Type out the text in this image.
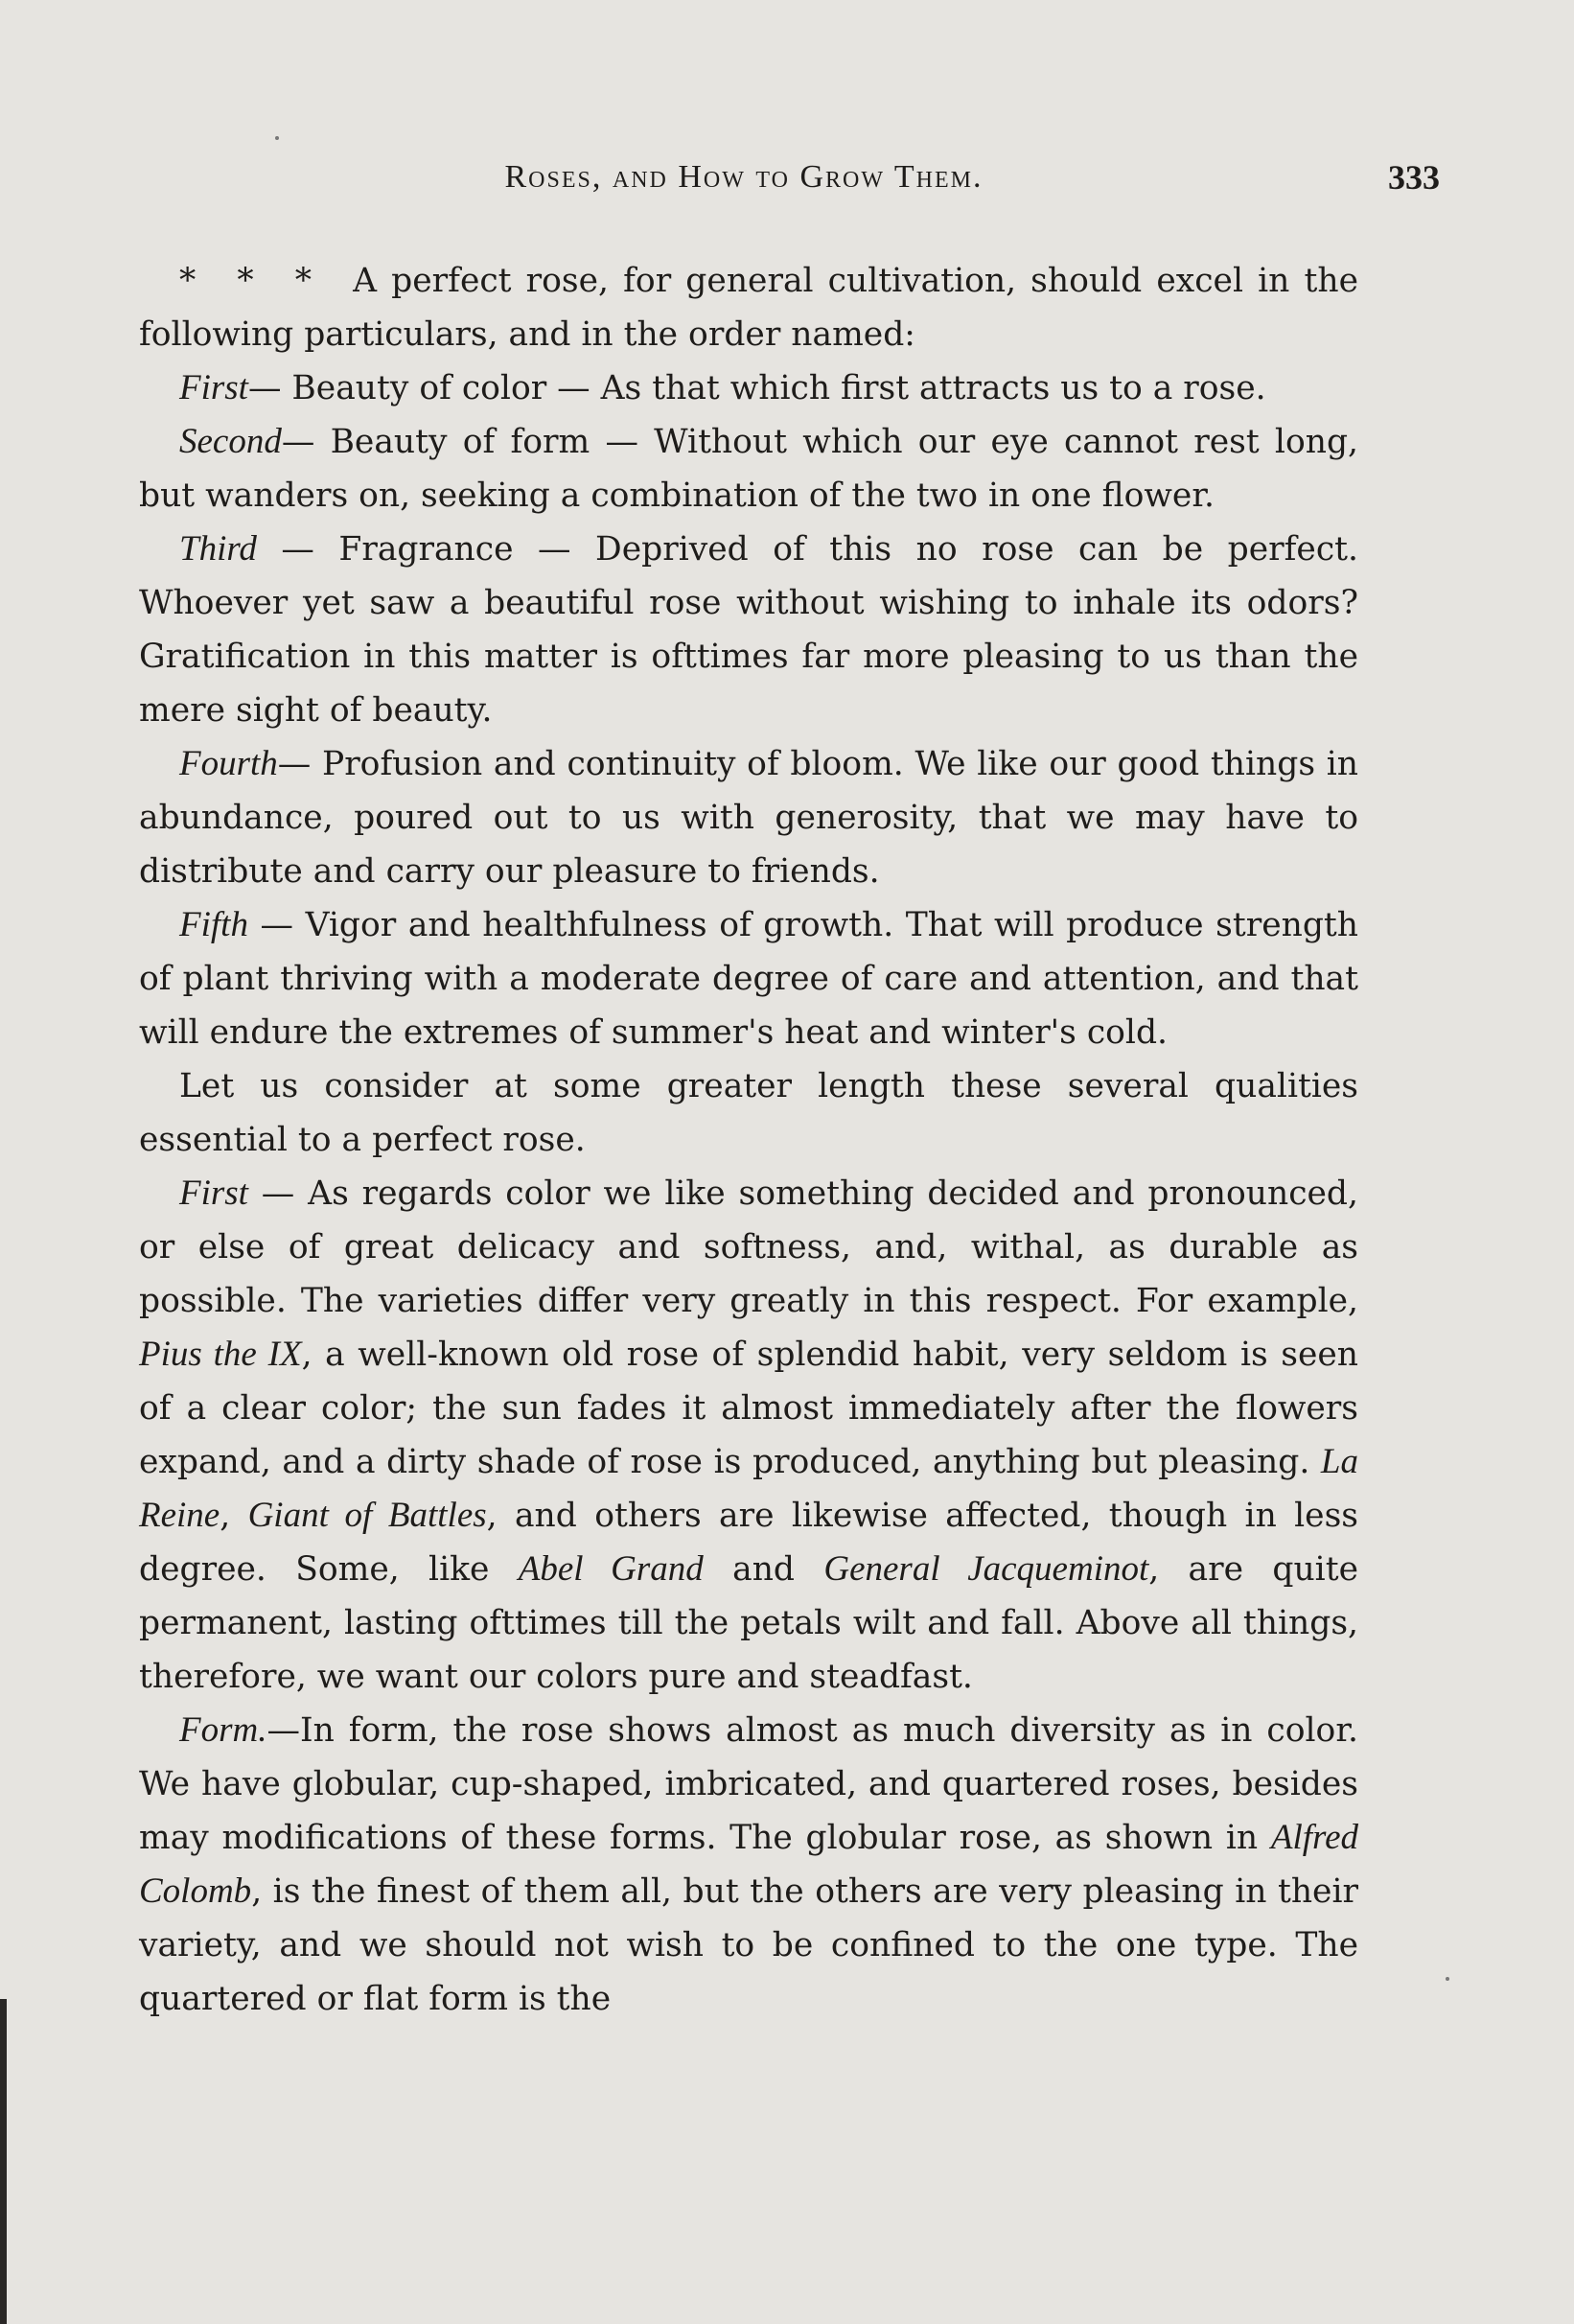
Roses, and How to Grow Them.	333

* * * A perfect rose, for general cultivation, should excel in the following particulars, and in the order named:

First— Beauty of color — As that which first attracts us to a rose.

Second— Beauty of form — Without which our eye cannot rest long, but wanders on, seeking a combination of the two in one flower.

Third — Fragrance — Deprived of this no rose can be perfect. Whoever yet saw a beautiful rose without wishing to inhale its odors? Gratification in this matter is ofttimes far more pleasing to us than the mere sight of beauty.

Fourth— Profusion and continuity of bloom. We like our good things in abundance, poured out to us with generosity, that we may have to distribute and carry our pleasure to friends.

Fifth — Vigor and healthfulness of growth. That will produce strength of plant thriving with a moderate degree of care and attention, and that will endure the extremes of summer's heat and winter's cold.

Let us consider at some greater length these several qualities essential to a perfect rose.

First — As regards color we like something decided and pronounced, or else of great delicacy and softness, and, withal, as durable as possible. The varieties differ very greatly in this respect. For example, Pius the IX, a well-known old rose of splendid habit, very seldom is seen of a clear color; the sun fades it almost immediately after the flowers expand, and a dirty shade of rose is produced, anything but pleasing. La Reine, Giant of Battles, and others are likewise affected, though in less degree. Some, like Abel Grand and General Jacqueminot, are quite permanent, lasting ofttimes till the petals wilt and fall. Above all things, therefore, we want our colors pure and steadfast.

Form.—In form, the rose shows almost as much diversity as in color. We have globular, cup-shaped, imbricated, and quartered roses, besides may modifications of these forms. The globular rose, as shown in Alfred Colomb, is the finest of them all, but the others are very pleasing in their variety, and we should not wish to be confined to the one type. The quartered or flat form is the
